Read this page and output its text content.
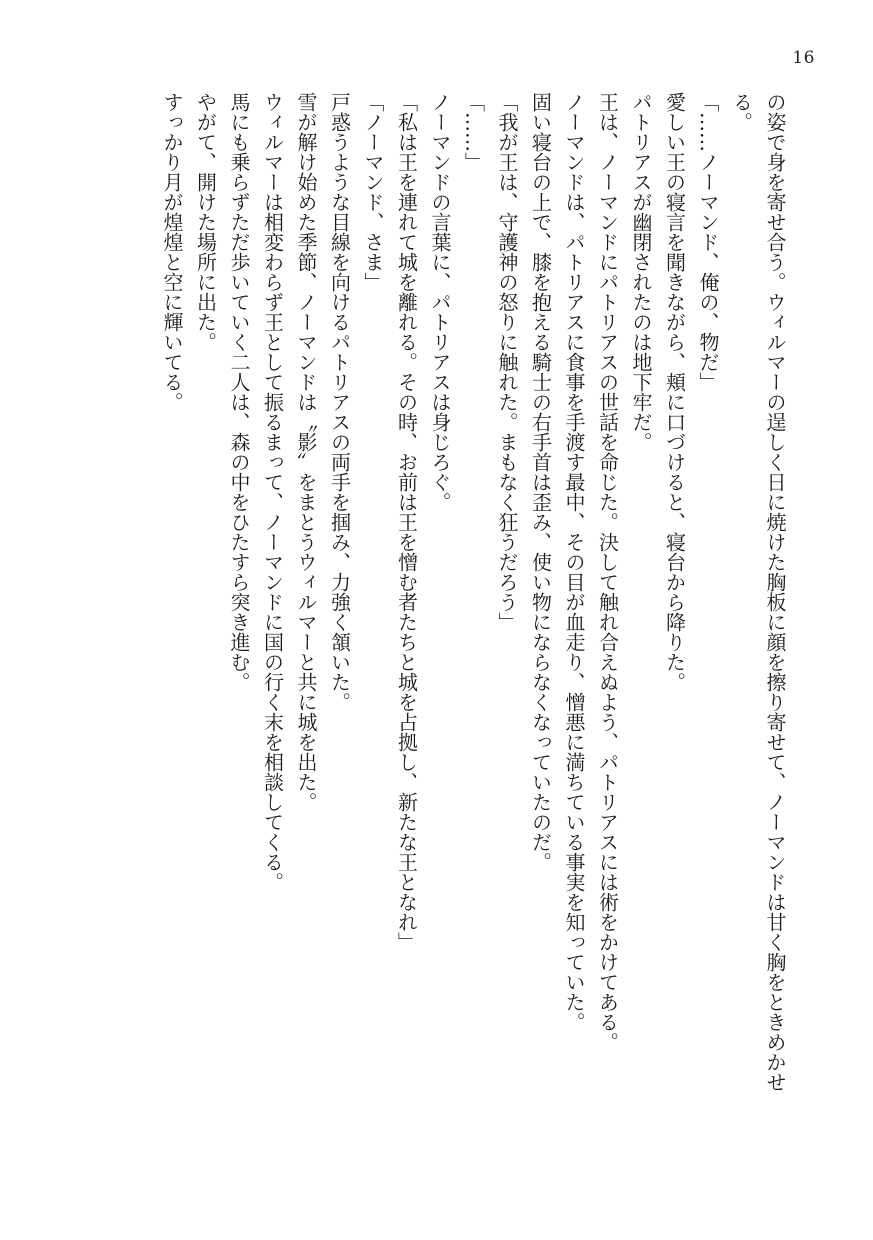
16
の姿で身を寄せ合う。ウィルマーの逞しく日に焼けた胸板に顔を擦り寄せて、ノーマンドは甘く胸をときめかせ
る。
「……ノーマンド、俺の、物だ」
愛しい王の寝言を聞きながら、頬に口づけると、寝台から降りた。
パトリアスが幽閉されたのは地下牢だ。
王は、ノーマンドにパトリアスの世話を命じた。決して触れ合えぬよう、パトリアスには術をかけてある。
ノーマンドは、パトリアスに食事を手渡す最中、その目が血走り、憎悪に満ちている事実を知っていた。
固い寝台の上で、膝を抱える騎士の右手首は歪み、使い物にならなくなっていたのだ。
「我が王は、守護神の怒りに触れた。まもなく狂うだろう」
「……」
ノーマンドの言葉に、パトリアスは身じろぐ。
「私は王を連れて城を離れる。その時、お前は王を憎む者たちと城を占拠し、新たな王となれ」
「ノーマンド、さま」
戸惑うような目線を向けるパトリアスの両手を掴み、力強く頷いた。
雪が解け始めた季節、ノーマンドは〝影〟をまとうウィルマーと共に城を出た。
ウィルマーは相変わらず王として振るまって、ノーマンドに国の行く末を相談してくる。
馬にも乗らずただ歩いていく二人は、森の中をひたすら突き進む。
やがて、開けた場所に出た。
すっかり月が煌煌と空に輝いてる。
